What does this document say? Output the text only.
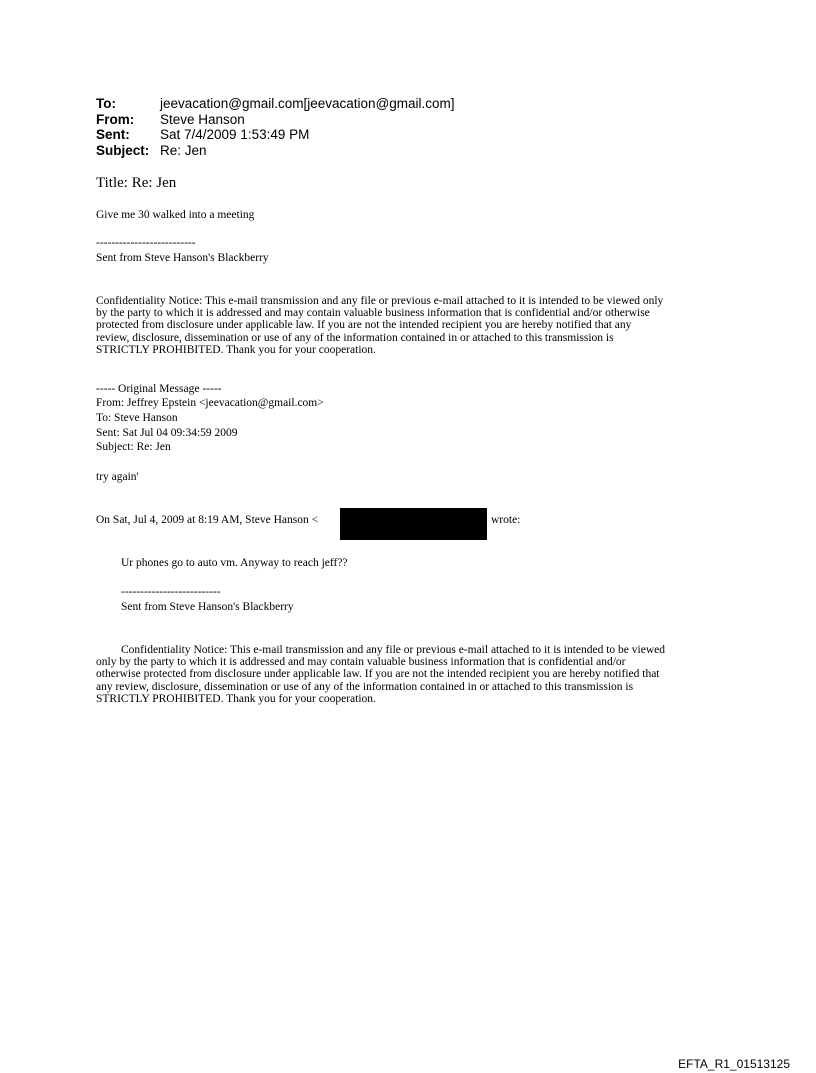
To:	jeevacation@gmail.com[jeevacation@gmail.com]
From:	Steve Hanson
Sent:	Sat 7/4/2009 1:53:49 PM
Subject: Re: Jen
Title: Re: Jen
Give me 30 walked into a meeting
--------------------------
Sent from Steve Hanson's Blackberry
Confidentiality Notice: This e-mail transmission and any file or previous e-mail attached to it is intended to be viewed only
by the party to which it is addressed and may contain valuable business information that is confidential and/or otherwise
protected from disclosure under applicable law. If you are not the intended recipient you are hereby notified that any
review, disclosure, dissemination or use of any of the information contained in or attached to this transmission is
STRICTLY PROHIBITED. Thank you for your cooperation.
----- Original Message -----
From: Jeffrey Epstein <jeevacation@gmail.com>
To: Steve Hanson
Sent: Sat Jul 04 09:34:59 2009
Subject: Re: Jen
try again'
On Sat, Jul 4, 2009 at 8:19 AM, Steve Hanson <	wrote:
Ur phones go to auto vm. Anyway to reach jeff??
--------------------------
Sent from Steve Hanson's Blackberry
Confidentiality Notice: This e-mail transmission and any file or previous e-mail attached to it is intended to be viewed
only by the party to which it is addressed and may contain valuable business information that is confidential and/or
otherwise protected from disclosure under applicable law. If you are not the intended recipient you are hereby notified that
any review, disclosure, dissemination or use of any of the information contained in or attached to this transmission is
STRICTLY PROHIBITED. Thank you for your cooperation.
EFTA_R1_01513125
